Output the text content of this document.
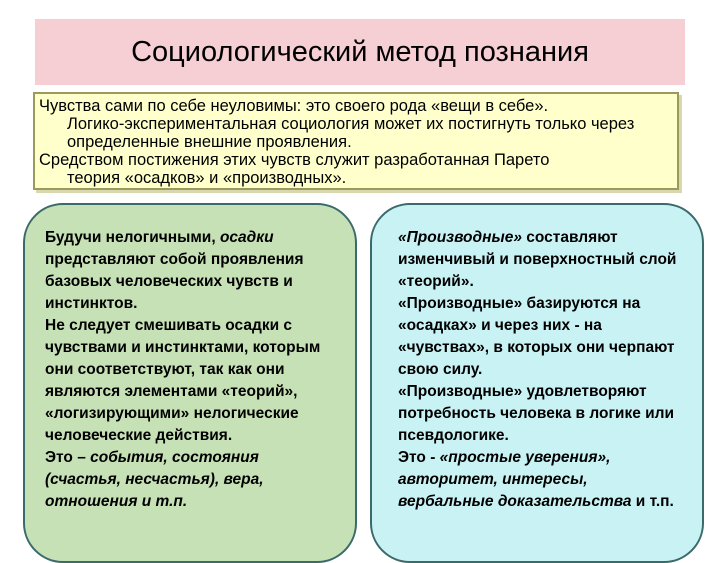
Социологический метод познания

Чувства сами по себе неуловимы: это своего рода «вещи в себе».
Логико-экспериментальная социология может их постигнуть только через определенные внешние проявления.

Средством постижения этих чувств служит разработанная Парето
теория «осадков» и «производных».

Будучи нелогичными, осадки представляют собой проявления базовых человеческих чувств и инстинктов.

Не следует смешивать осадки с чувствами и инстинктами, которым они соответствуют, так как они являются элементами «теорий», «логизирующими» нелогические человеческие действия.

Это – события, состояния (счастья, несчастья), вера, отношения и т.п.

«Производные» составляют изменчивый и поверхностный слой «теорий».

«Производные» базируются на «осадках» и через них - на «чувствах», в которых они черпают свою силу.

«Производные» удовлетворяют потребность человека в логике или псевдологике.

Это - «простые уверения», авторитет, интересы, вербальные доказательства и т.п.
